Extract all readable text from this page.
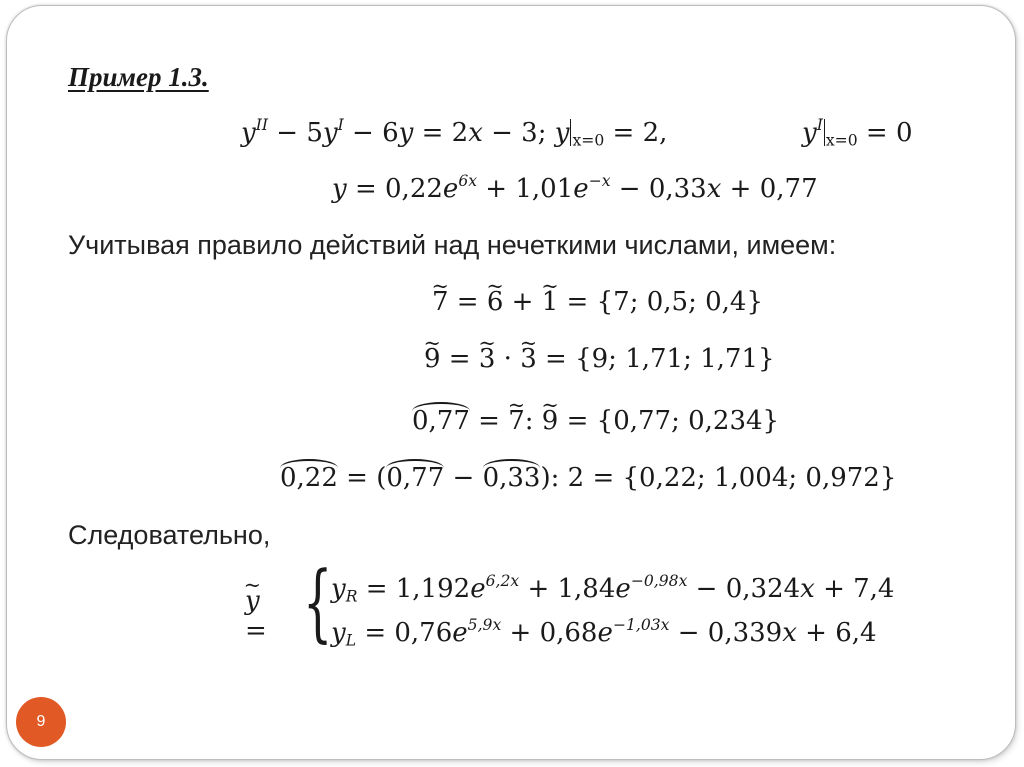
Пример 1.3.
$y^{II} - 5y^I - 6y = 2x - 3$; y $_{x=0}$ = 2,	$y^I_{x=0} = 0$
$y = 0,22e^{6x} + 1,01e^{-x} - 0,33x + 0,77$
Учитывая правило действий над нечеткими числами, имеем:
~ 7 = ~ 6 + ~ 1 = {7; 0,5; 0,4}
~ 9 = ~ 3 · ~ 3 = {9; 1,71; 1,71}
0,77 = ~ 7: ~ 9 = {0,77; 0,234}
0,22 = (0,77 − 0,33): 2 = {0,22; 1,004; 0,972}
Следовательно,
~ y = {
$y_R = 1,192e^{6,2x} + 1,84e^{-0,98x} - 0,324x + 7,4$
$y_L = 0,76e^{5,9x} + 0,68e^{-1,03x} - 0,339x + 6,4$
9
